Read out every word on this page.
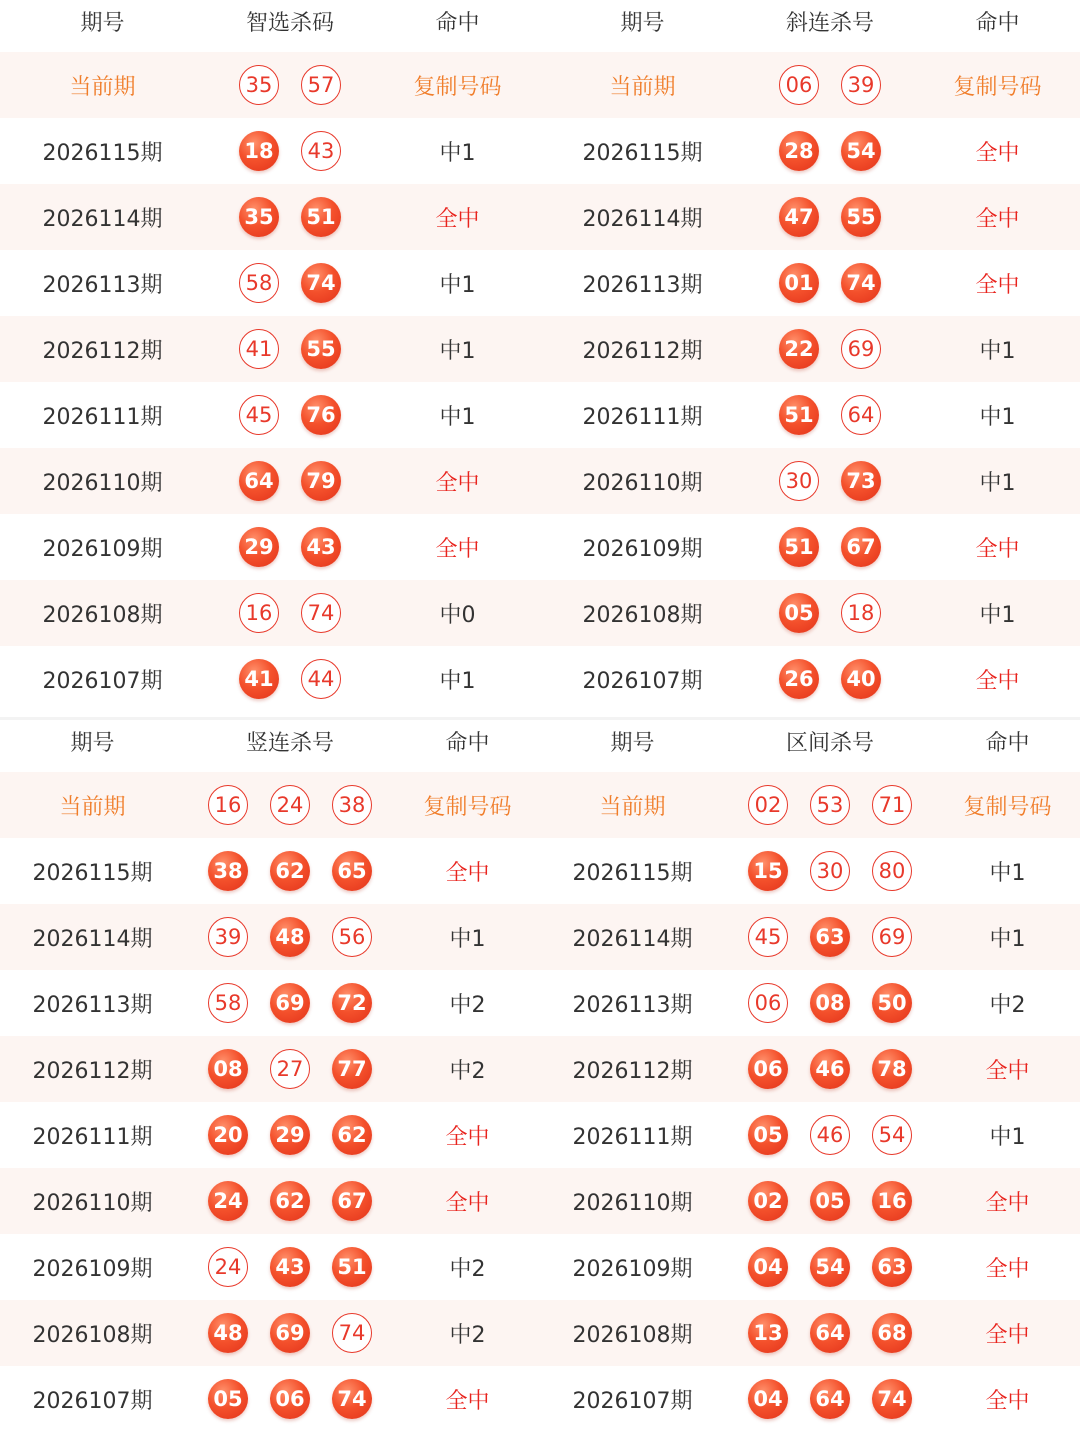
期号	智选杀码	命中
当前期	35	57	复制号码
2026115期	18	43	中1
2026114期	35 51	全中
2026113期	58	74	中1
2026112期	41	55	中1
2026111期	45	76	中1
2026110期	64 79	全中
2026109期	29 43	全中
2026108期	16	74	中0
2026107期	41	44	中1
期号	斜连杀号	命中
当前期	06	39	复制号码
2026115期	28 54	全中
2026114期	47 55	全中
2026113期	01 74	全中
2026112期	22	69	中1
2026111期	51	64	中1
2026110期	30	73	中1
2026109期	51 67	全中
2026108期	05	18	中1
2026107期	26 40	全中
期号	竖连杀号	命中
当前期	16	24	38	复制号码
2026115期	38 62 65	全中
2026114期	39	48	56	中1
2026113期	58	69 72	中2
2026112期	08	27	77	中2
2026111期	20 29 62	全中
2026110期	24 62 67	全中
2026109期	24	43 51	中2
2026108期	48 69	74	中2
2026107期	05 06 74	全中
期号	区间杀号	命中
当前期	02	53	71	复制号码
2026115期	15	30	80	中1
2026114期	45	63	69	中1
2026113期	06	08 50	中2
2026112期	06 46 78	全中
2026111期	05	46	54	中1
2026110期	02 05 16	全中
2026109期	04 54 63	全中
2026108期	13 64 68	全中
2026107期	04 64 74	全中
